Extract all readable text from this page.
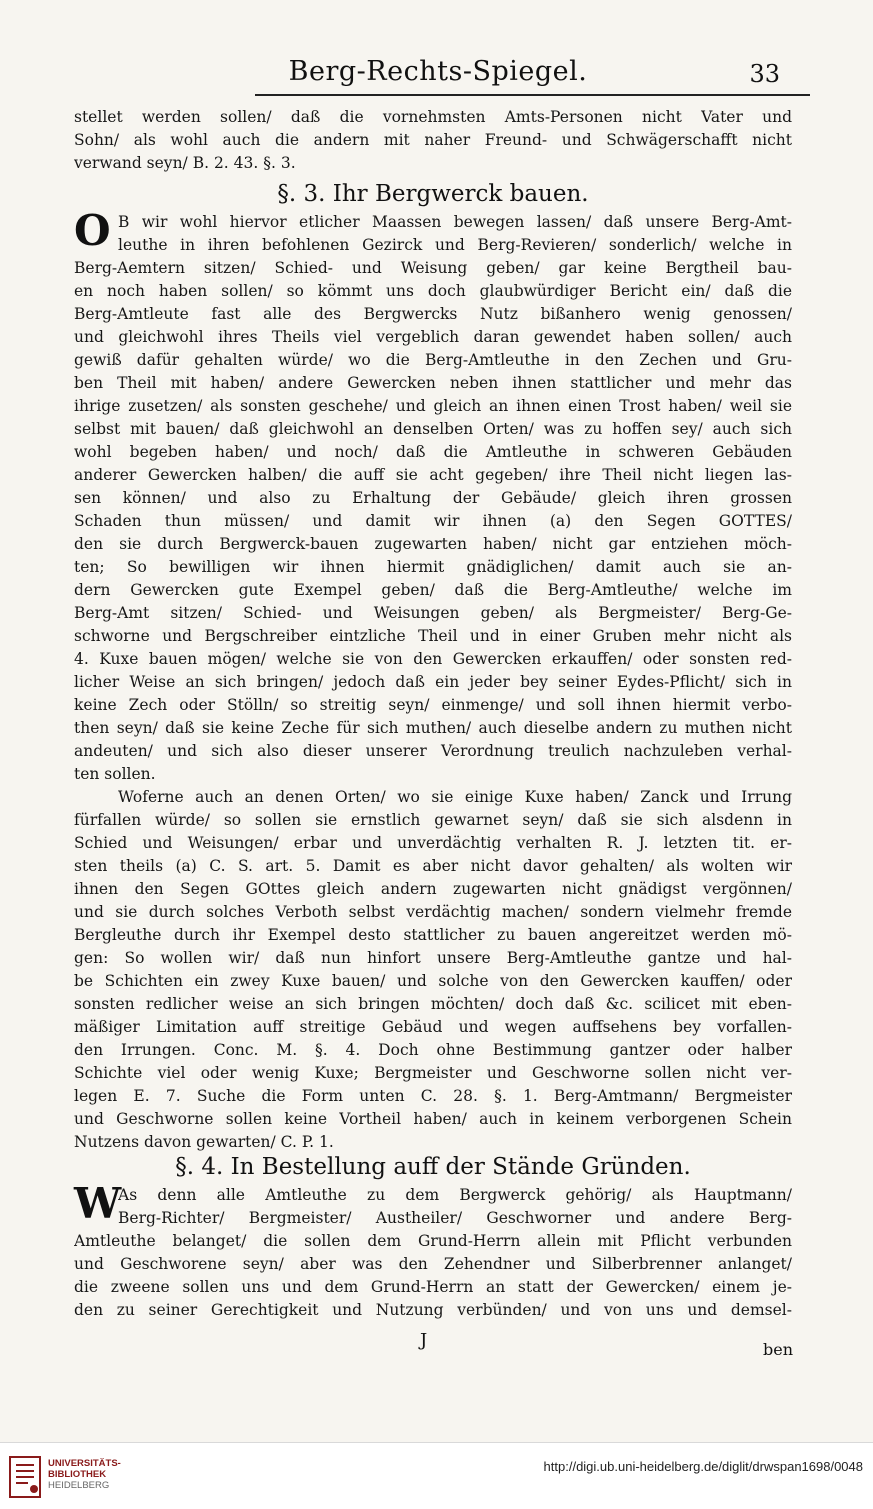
Berg-Rechts-Spiegel.	33
stellet werden sollen/ daß die vornehmsten Amts-Personen nicht Vater und
Sohn/ als wohl auch die andern mit naher Freund- und Schwägerschafft nicht
verwand seyn/ B. 2. 43. §. 3.
§. 3. Ihr Bergwerck bauen.
O B wir wohl hiervor etlicher Maassen bewegen lassen/ daß unsere Berg-Amt-
leuthe in ihren befohlenen Gezirck und Berg-Revieren/ sonderlich/ welche in
Berg-Aemtern sitzen/ Schied- und Weisung geben/ gar keine Bergtheil bau-
en noch haben sollen/ so kömmt uns doch glaubwürdiger Bericht ein/ daß die
Berg-Amtleute fast alle des Bergwercks Nutz bißanhero wenig genossen/
und gleichwohl ihres Theils viel vergeblich daran gewendet haben sollen/ auch
gewiß dafür gehalten würde/ wo die Berg-Amtleuthe in den Zechen und Gru-
ben Theil mit haben/ andere Gewercken neben ihnen stattlicher und mehr das
ihrige zusetzen/ als sonsten geschehe/ und gleich an ihnen einen Trost haben/ weil sie
selbst mit bauen/ daß gleichwohl an denselben Orten/ was zu hoffen sey/ auch sich
wohl begeben haben/ und noch/ daß die Amtleuthe in schweren Gebäuden
anderer Gewercken halben/ die auff sie acht gegeben/ ihre Theil nicht liegen las-
sen können/ und also zu Erhaltung der Gebäude/ gleich ihren grossen
Schaden thun müssen/ und damit wir ihnen (a) den Segen GOTTES/
den sie durch Bergwerck-bauen zugewarten haben/ nicht gar entziehen möch-
ten; So bewilligen wir ihnen hiermit gnädiglichen/ damit auch sie an-
dern Gewercken gute Exempel geben/ daß die Berg-Amtleuthe/ welche im
Berg-Amt sitzen/ Schied- und Weisungen geben/ als Bergmeister/ Berg-Ge-
schworne und Bergschreiber eintzliche Theil und in einer Gruben mehr nicht als
4. Kuxe bauen mögen/ welche sie von den Gewercken erkauffen/ oder sonsten red-
licher Weise an sich bringen/ jedoch daß ein jeder bey seiner Eydes-Pflicht/ sich in
keine Zech oder Stölln/ so streitig seyn/ einmenge/ und soll ihnen hiermit verbo-
then seyn/ daß sie keine Zeche für sich muthen/ auch dieselbe andern zu muthen nicht
andeuten/ und sich also dieser unserer Verordnung treulich nachzuleben verhal-
ten sollen.
Woferne auch an denen Orten/ wo sie einige Kuxe haben/ Zanck und Irrung
fürfallen würde/ so sollen sie ernstlich gewarnet seyn/ daß sie sich alsdenn in
Schied und Weisungen/ erbar und unverdächtig verhalten R. J. letzten tit. er-
sten theils (a) C. S. art. 5. Damit es aber nicht davor gehalten/ als wolten wir
ihnen den Segen GOttes gleich andern zugewarten nicht gnädigst vergönnen/
und sie durch solches Verboth selbst verdächtig machen/ sondern vielmehr fremde
Bergleuthe durch ihr Exempel desto stattlicher zu bauen angereitzet werden mö-
gen: So wollen wir/ daß nun hinfort unsere Berg-Amtleuthe gantze und hal-
be Schichten ein zwey Kuxe bauen/ und solche von den Gewercken kauffen/ oder
sonsten redlicher weise an sich bringen möchten/ doch daß &c. scilicet mit eben-
mäßiger Limitation auff streitige Gebäud und wegen auffsehens bey vorfallen-
den Irrungen. Conc. M. §. 4. Doch ohne Bestimmung gantzer oder halber
Schichte viel oder wenig Kuxe; Bergmeister und Geschworne sollen nicht ver-
legen E. 7. Suche die Form unten C. 28. §. 1. Berg-Amtmann/ Bergmeister
und Geschworne sollen keine Vortheil haben/ auch in keinem verborgenen Schein
Nutzens davon gewarten/ C. P. 1.
§. 4. In Bestellung auff der Stände Gründen.
W
As denn alle Amtleuthe zu dem Bergwerck gehörig/ als Hauptmann/
Berg-Richter/ Bergmeister/ Austheiler/ Geschworner und andere Berg-
Amtleuthe belanget/ die sollen dem Grund-Herrn allein mit Pflicht verbunden
und Geschworene seyn/ aber was den Zehendner und Silberbrenner anlanget/
die zweene sollen uns und dem Grund-Herrn an statt der Gewercken/ einem je-
den zu seiner Gerechtigkeit und Nutzung verbünden/ und von uns und demsel-
J	ben
UNIVERSITÄTS-
BIBLIOTHEK
HEIDELBERG
http://digi.ub.uni-heidelberg.de/diglit/drwspan1698/0048
